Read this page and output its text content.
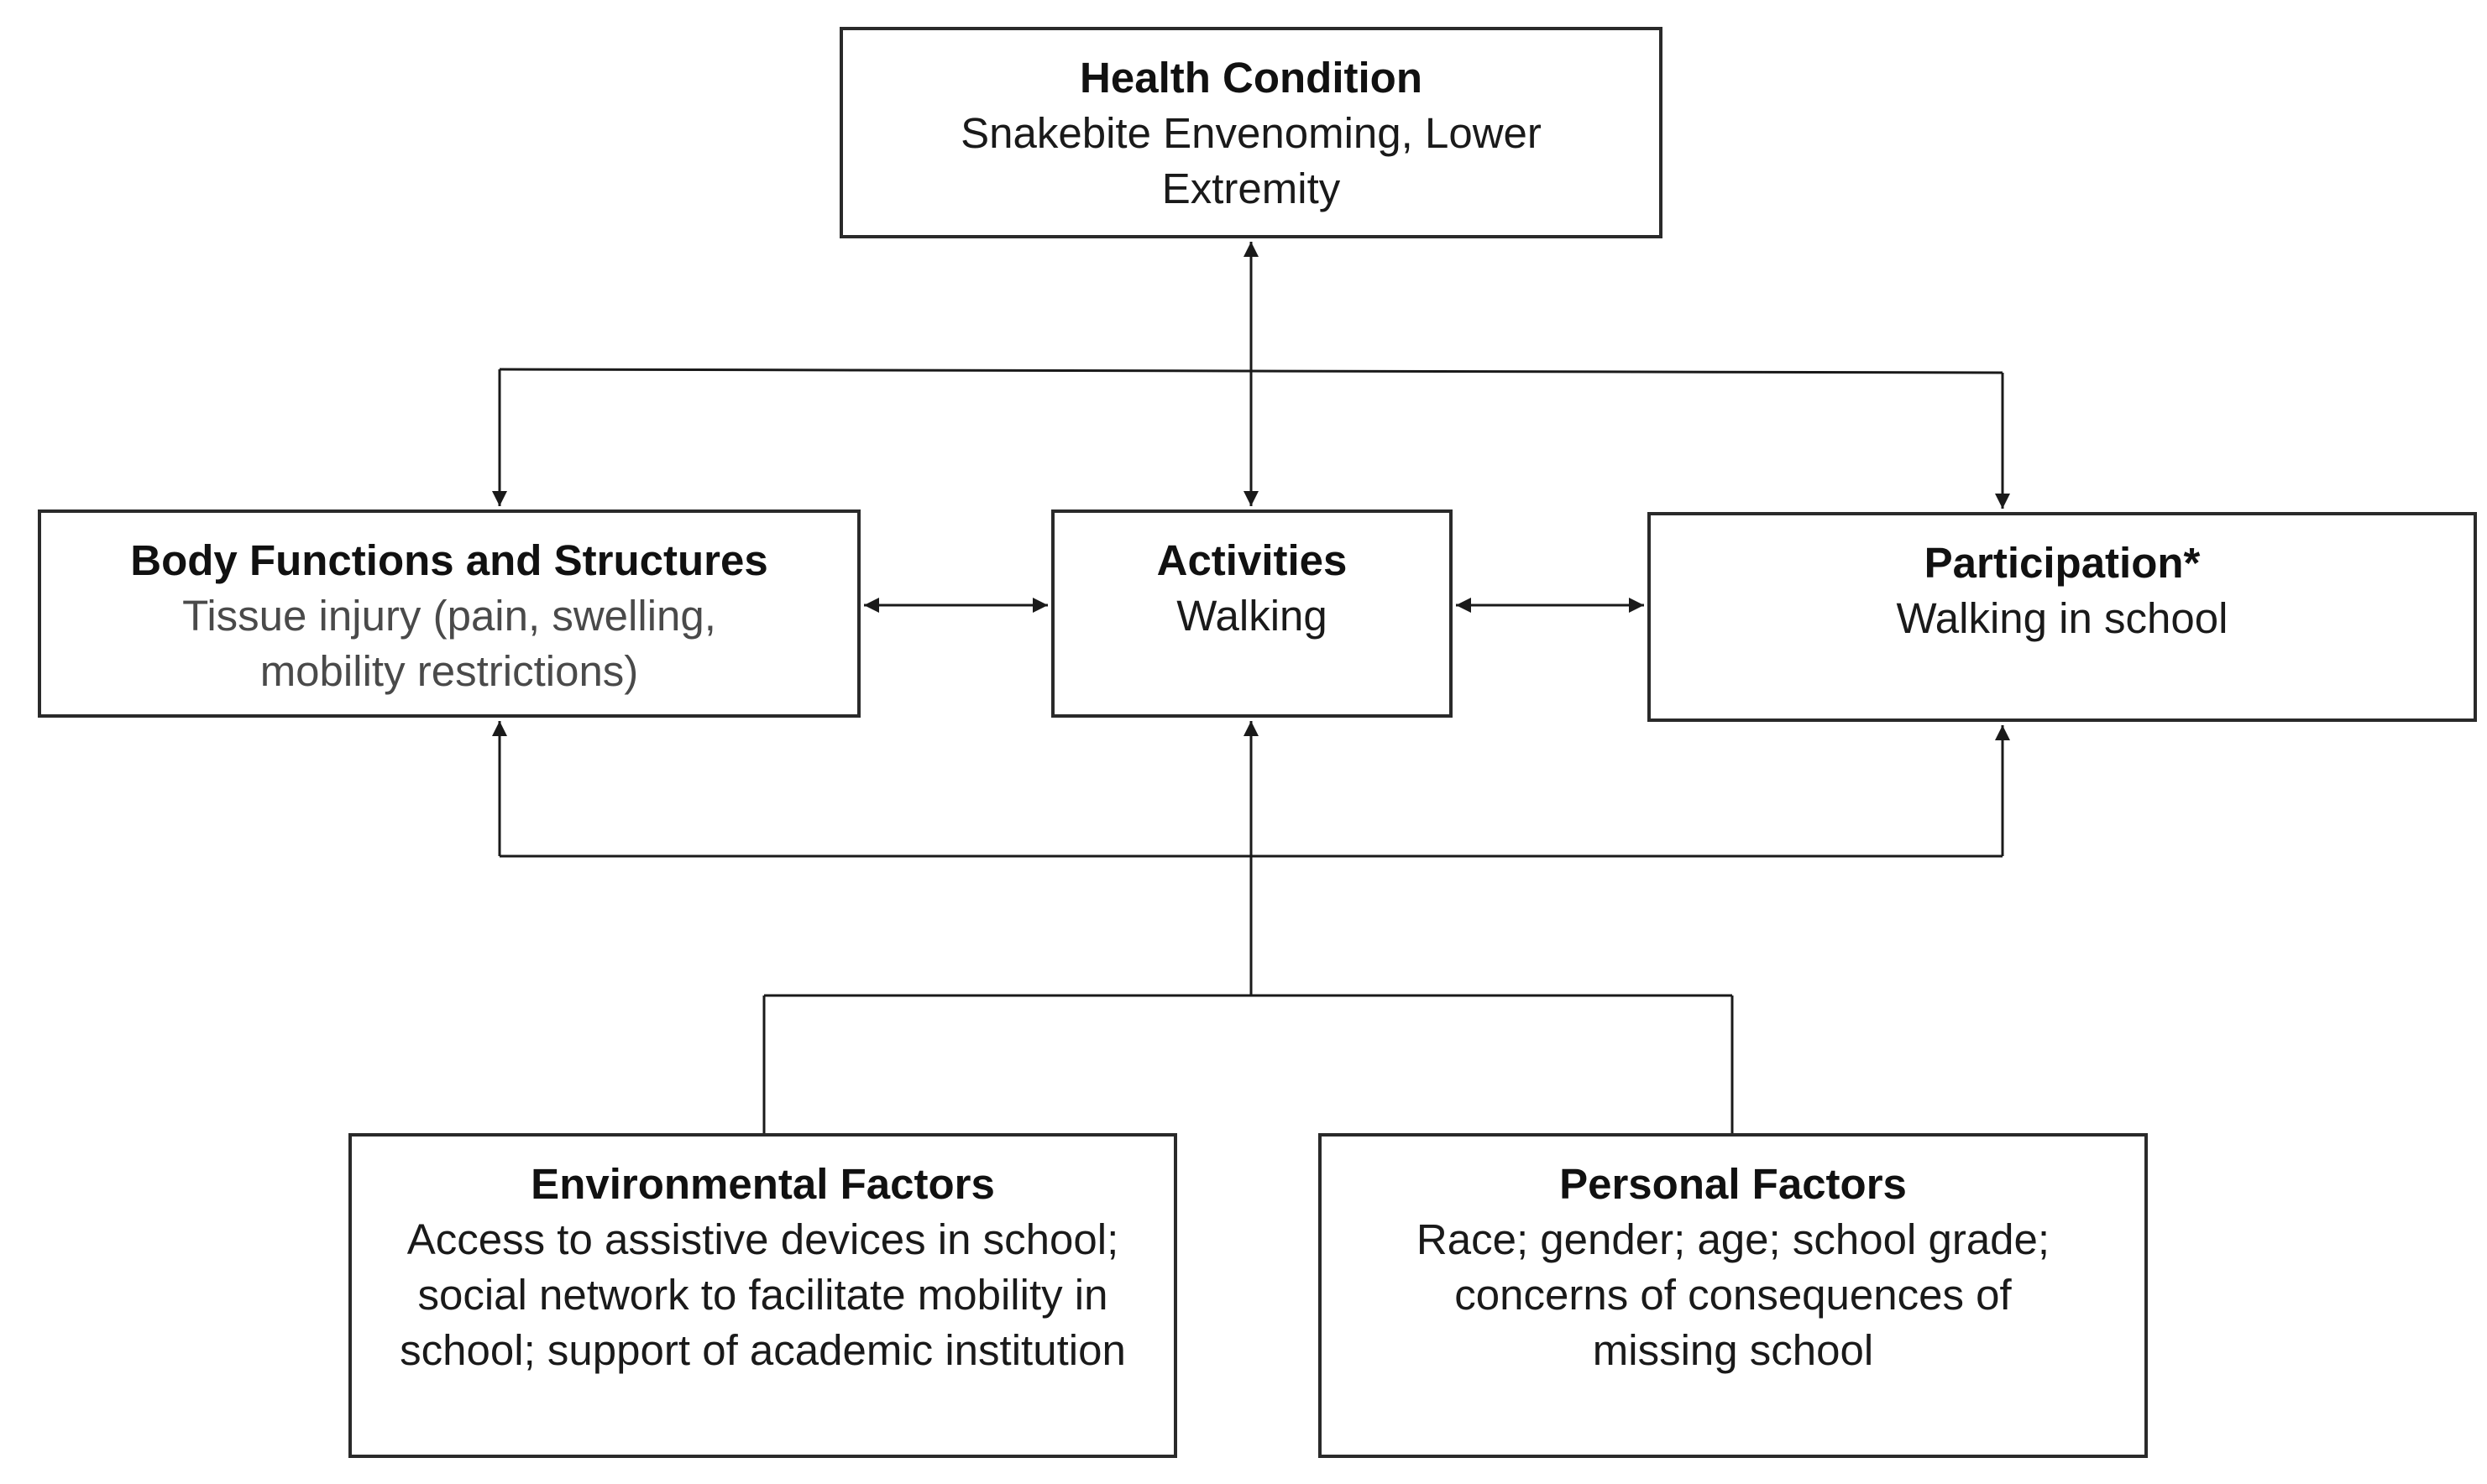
Health Condition
Snakebite Envenoming, Lower Extremity
Body Functions and Structures
Tissue injury (pain, swelling, mobility restrictions)
Activities
Walking
Participation*
Walking in school
Environmental Factors
Access to assistive devices in school; social network to facilitate mobility in school; support of academic institution
Personal Factors
Race; gender; age; school grade; concerns of consequences of missing school
